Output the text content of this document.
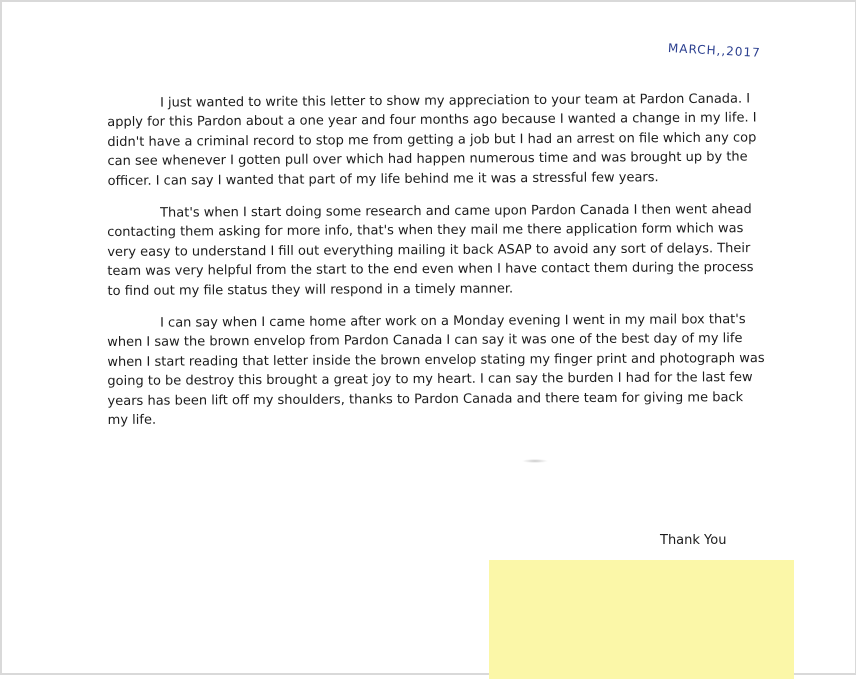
MARCH,,2017

I just wanted to write this letter to show my appreciation to your team at Pardon Canada. I apply for this Pardon about a one year and four months ago because I wanted a change in my life. I didn't have a criminal record to stop me from getting a job but I had an arrest on file which any cop can see whenever I gotten pull over which had happen numerous time and was brought up by the officer. I can say I wanted that part of my life behind me it was a stressful few years.

That's when I start doing some research and came upon Pardon Canada I then went ahead contacting them asking for more info, that's when they mail me there application form which was very easy to understand I fill out everything mailing it back ASAP to avoid any sort of delays. Their team was very helpful from the start to the end even when I have contact them during the process to find out my file status they will respond in a timely manner.

I can say when I came home after work on a Monday evening I went in my mail box that's when I saw the brown envelop from Pardon Canada I can say it was one of the best day of my life when I start reading that letter inside the brown envelop stating my finger print and photograph was going to be destroy this brought a great joy to my heart. I can say the burden I had for the last few years has been lift off my shoulders, thanks to Pardon Canada and there team for giving me back my life.

Thank You
